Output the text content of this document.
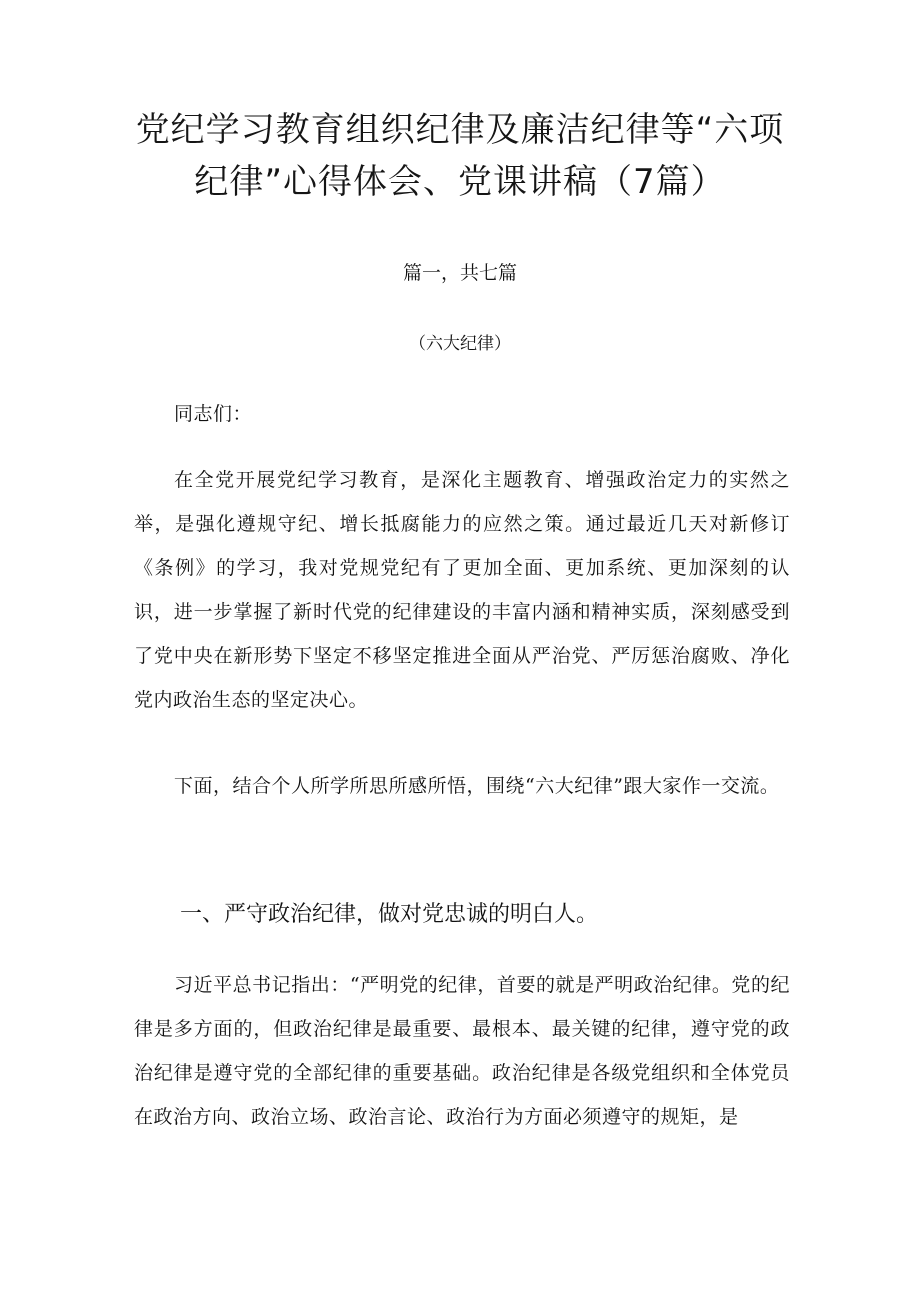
党纪学习教育组织纪律及廉洁纪律等“六项纪律”心得体会、党课讲稿（7篇）

篇一，共七篇

（六大纪律）

同志们：

在全党开展党纪学习教育，是深化主题教育、增强政治定力的实然之举，是强化遵规守纪、增长抵腐能力的应然之策。通过最近几天对新修订《条例》的学习，我对党规党纪有了更加全面、更加系统、更加深刻的认识，进一步掌握了新时代党的纪律建设的丰富内涵和精神实质，深刻感受到了党中央在新形势下坚定不移坚定推进全面从严治党、严厉惩治腐败、净化党内政治生态的坚定决心。

下面，结合个人所学所思所感所悟，围绕“六大纪律”跟大家作一交流。

一、严守政治纪律，做对党忠诚的明白人。

习近平总书记指出：“严明党的纪律，首要的就是严明政治纪律。党的纪律是多方面的，但政治纪律是最重要、最根本、最关键的纪律，遵守党的政治纪律是遵守党的全部纪律的重要基础。政治纪律是各级党组织和全体党员在政治方向、政治立场、政治言论、政治行为方面必须遵守的规矩，是
